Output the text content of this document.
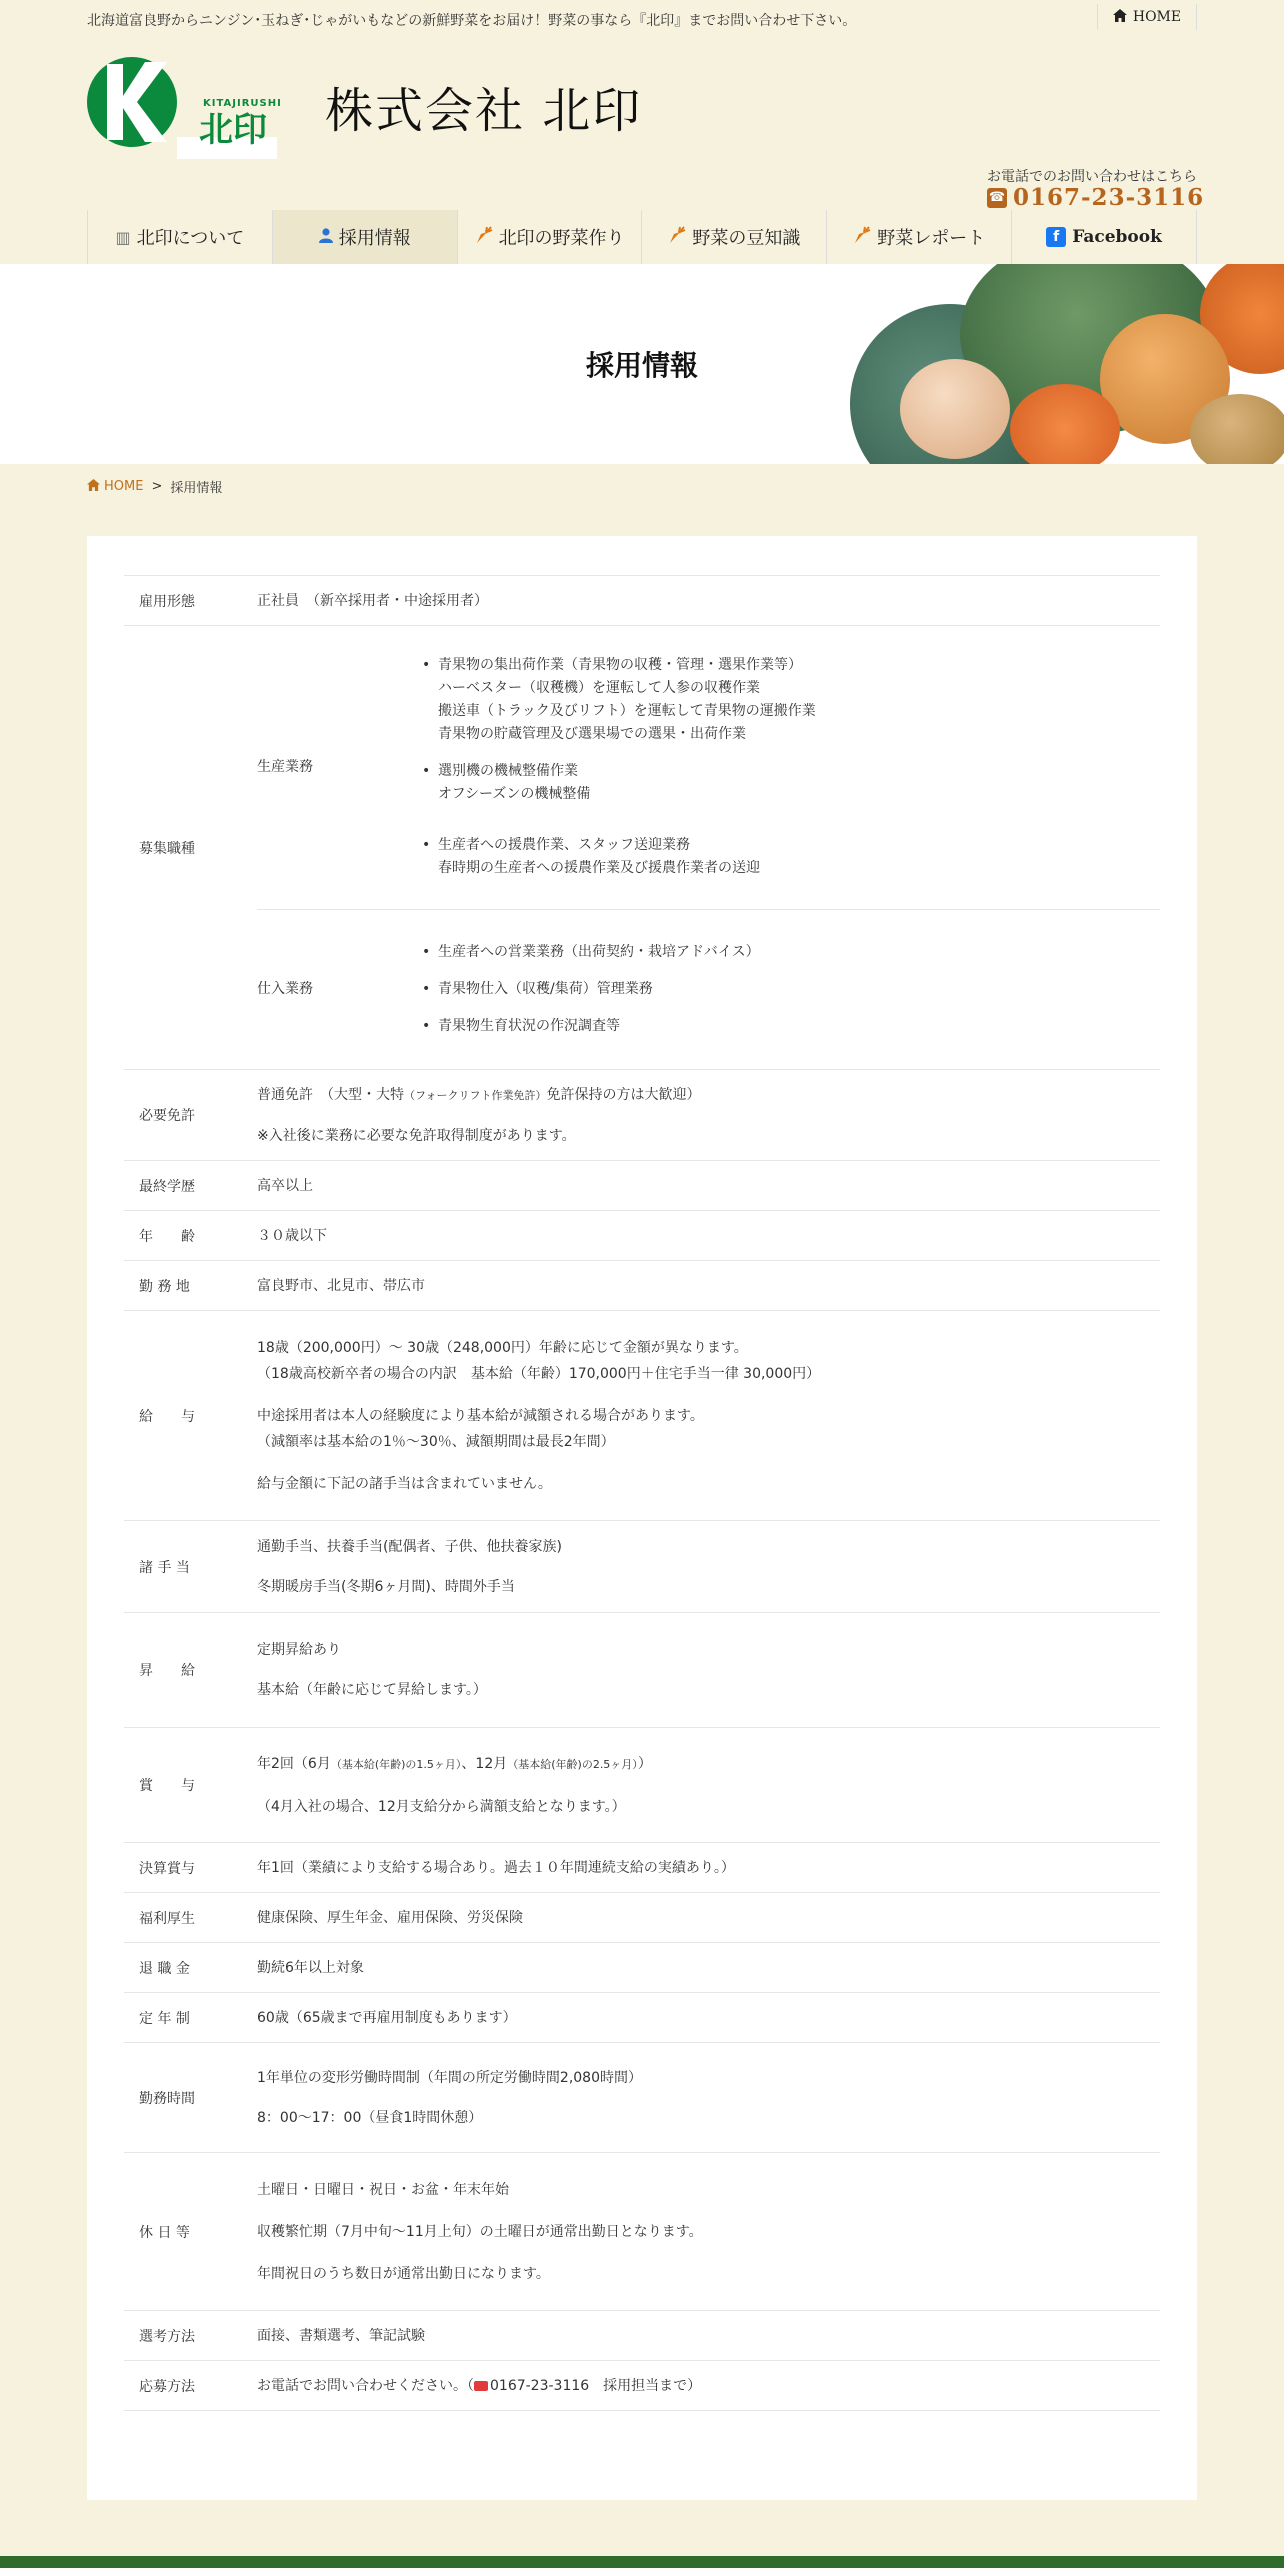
北海道富良野からニンジン･玉ねぎ･じゃがいもなどの新鮮野菜をお届け！野菜の事なら『北印』までお問い合わせ下さい。	HOME
KITAJIRUSHI
北印 株式会社 北印
お電話でのお問い合わせはこちら
☎ 0167-23-3116
▥ 北印について	採用情報	北印の野菜作り	野菜の豆知識	野菜レポート	f Facebook
採用情報
HOME > 採用情報
雇用形態	正社員　（新卒採用者・中途採用者）
募集職種	
生産業務	
• 青果物の集出荷作業（青果物の収穫・管理・選果作業等）
ハーベスター（収穫機）を運転して人参の収穫作業
搬送車（トラック及びリフト）を運転して青果物の運搬作業
青果物の貯蔵管理及び選果場での選果・出荷作業
• 選別機の機械整備作業
オフシーズンの機械整備
• 生産者への援農作業、スタッフ送迎業務
春時期の生産者への援農作業及び援農作業者の送迎

仕入業務	
• 生産者への営業業務（出荷契約・栽培アドバイス）
• 青果物仕入（収穫/集荷）管理業務
• 青果物生育状況の作況調査等

必要免許	
普通免許　（大型・大特（フォークリフト作業免許）免許保持の方は大歓迎）
※入社後に業務に必要な免許取得制度があります。

最終学歴	高卒以上
年　　齢	３０歳以下
勤 務 地	富良野市、北見市、帯広市
給　　与	
18歳（200,000円）～ 30歳（248,000円）年齢に応じて金額が異なります。
（18歳高校新卒者の場合の内訳　基本給（年齢）170,000円＋住宅手当一律 30,000円）
中途採用者は本人の経験度により基本給が減額される場合があります。
（減額率は基本給の1％～30％、減額期間は最長2年間）
給与金額に下記の諸手当は含まれていません。

諸 手 当	
通勤手当、扶養手当(配偶者、子供、他扶養家族)
冬期暖房手当(冬期6ヶ月間)、時間外手当

昇　　給	
定期昇給あり
基本給（年齢に応じて昇給します。）

賞　　与	
年2回（6月（基本給(年齢)の1.5ヶ月）、12月（基本給(年齢)の2.5ヶ月））
（4月入社の場合、12月支給分から満額支給となります。）

決算賞与	年1回（業績により支給する場合あり。過去１０年間連続支給の実績あり。）
福利厚生	健康保険、厚生年金、雇用保険、労災保険
退 職 金	勤続6年以上対象
定 年 制	60歳（65歳まで再雇用制度もあります）
勤務時間	
1年単位の変形労働時間制（年間の所定労働時間2,080時間）
8：00～17：00（昼食1時間休憩）

休 日 等	
土曜日・日曜日・祝日・お盆・年末年始
収穫繁忙期（7月中旬～11月上旬）の土曜日が通常出勤日となります。
年間祝日のうち数日が通常出勤日になります。

選考方法	面接、書類選考、筆記試験
応募方法	お電話でお問い合わせください。（ 0167-23-3116　採用担当まで）
